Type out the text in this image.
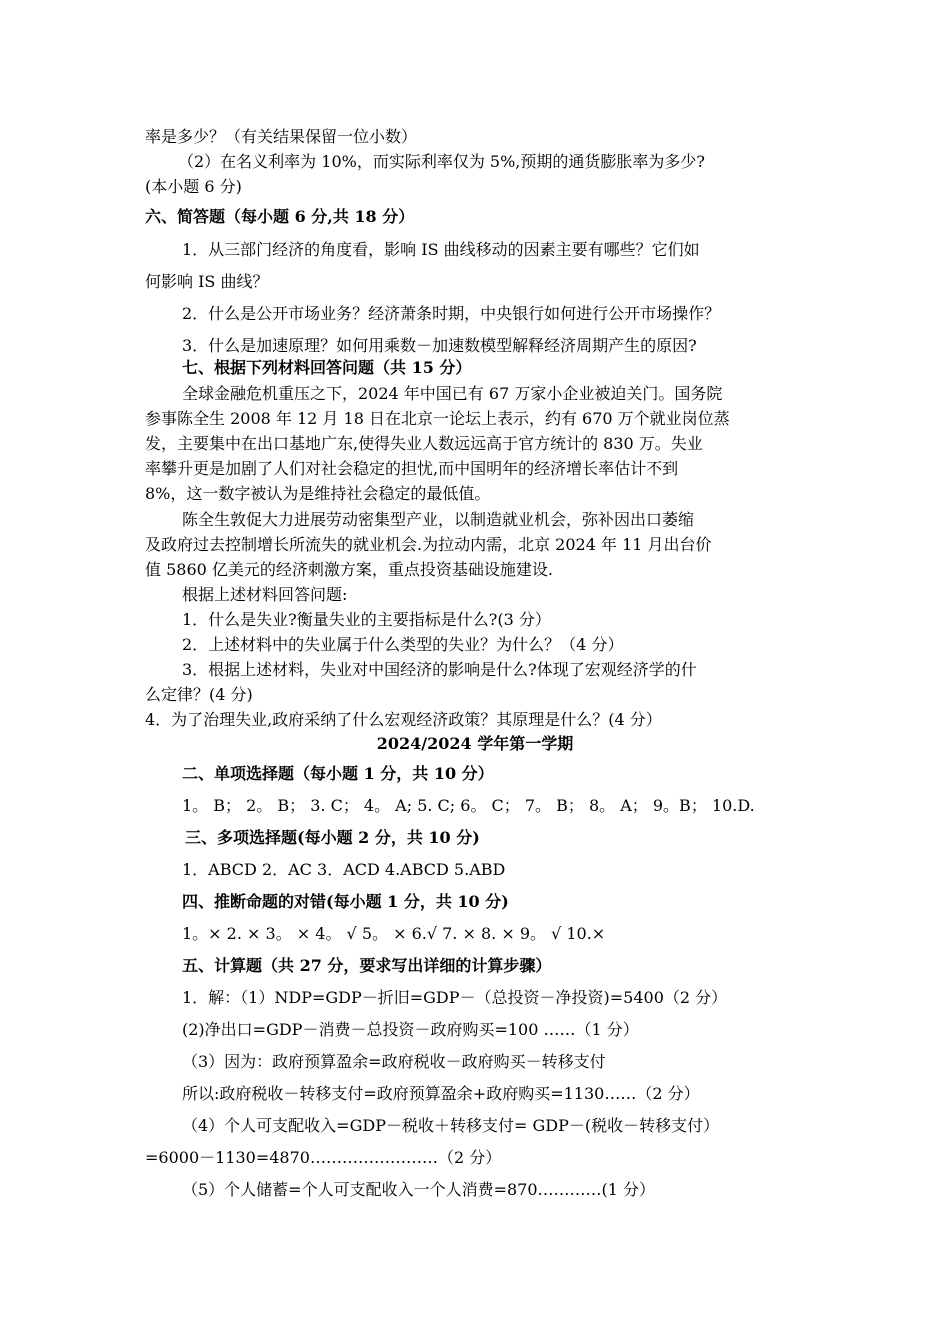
率是多少？（有关结果保留一位小数）
（2）在名义利率为 10%，而实际利率仅为 5%,预期的通货膨胀率为多少?
(本小题 6 分)
六、简答题（每小题 6 分,共 18 分）
1．从三部门经济的角度看，影响 IS 曲线移动的因素主要有哪些？它们如
何影响 IS 曲线？
2．什么是公开市场业务？经济萧条时期，中央银行如何进行公开市场操作？
3．什么是加速原理？如何用乘数－加速数模型解释经济周期产生的原因?
七、根据下列材料回答问题（共 15 分）
全球金融危机重压之下，2024 年中国已有 67 万家小企业被迫关门。国务院
参事陈全生 2008 年 12 月 18 日在北京一论坛上表示，约有 670 万个就业岗位蒸
发，主要集中在出口基地广东,使得失业人数远远高于官方统计的 830 万。失业
率攀升更是加剧了人们对社会稳定的担忧,而中国明年的经济增长率估计不到
8%，这一数字被认为是维持社会稳定的最低值。
陈全生敦促大力进展劳动密集型产业，以制造就业机会，弥补因出口萎缩
及政府过去控制增长所流失的就业机会.为拉动内需，北京 2024 年 11 月出台价
值 5860 亿美元的经济刺激方案，重点投资基础设施建设.
根据上述材料回答问题:
1．什么是失业?衡量失业的主要指标是什么?(3 分）
2．上述材料中的失业属于什么类型的失业？为什么？（4 分）
3．根据上述材料，失业对中国经济的影响是什么?体现了宏观经济学的什
么定律？(4 分)
4．为了治理失业,政府采纳了什么宏观经济政策？其原理是什么？(4 分）
2024/2024 学年第一学期
二、单项选择题（每小题 1 分，共 10 分）
1。 B； 2。 B； 3. C； 4。 A; 5. C; 6。 C； 7。 B； 8。 A； 9。B； 10.D.
三、多项选择题(每小题 2 分，共 10 分)
1．ABCD 2．AC 3．ACD 4.ABCD 5.ABD
四、推断命题的对错(每小题 1 分，共 10 分)
1。× 2. × 3。 × 4。 √ 5。 × 6.√ 7. × 8. × 9。 √ 10.×
五、计算题（共 27 分，要求写出详细的计算步骤）
1．解：（1）NDP=GDP－折旧=GDP－（总投资－净投资)=5400（2 分）
(2)净出口=GDP－消费－总投资－政府购买=100 ……（1 分）
（3）因为：政府预算盈余=政府税收－政府购买－转移支付
所以:政府税收－转移支付=政府预算盈余+政府购买=1130……（2 分）
（4）个人可支配收入=GDP－税收＋转移支付= GDP－(税收－转移支付）
=6000－1130=4870……………………（2 分）
（5）个人储蓄=个人可支配收入一个人消费=870…………(1 分）
